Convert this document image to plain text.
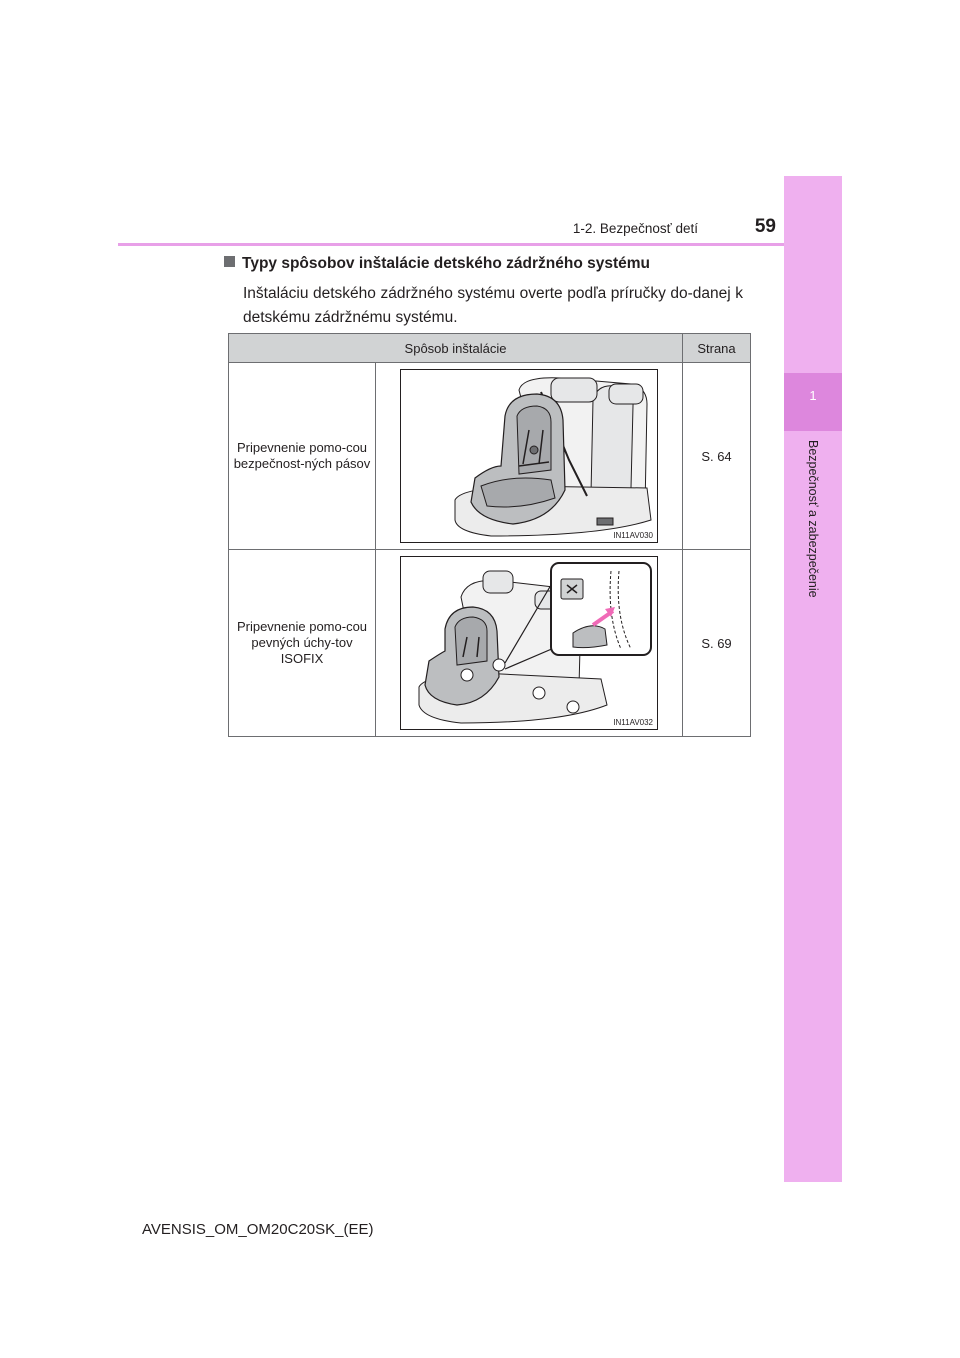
1
Bezpečnosť a zabezpečenie
1-2. Bezpečnosť detí	59
Typy spôsobov inštalácie detského zádržného systému
Inštaláciu detského zádržného systému overte podľa príručky do-danej k detskému zádržnému systému.
Spôsob inštalácie		Strana
Pripevnenie pomo-cou bezpečnost-ných pásov	IN11AV030	S. 64
Pripevnenie pomo-cou pevných úchy-tov ISOFIX	IN11AV032	S. 69
AVENSIS_OM_OM20C20SK_(EE)
